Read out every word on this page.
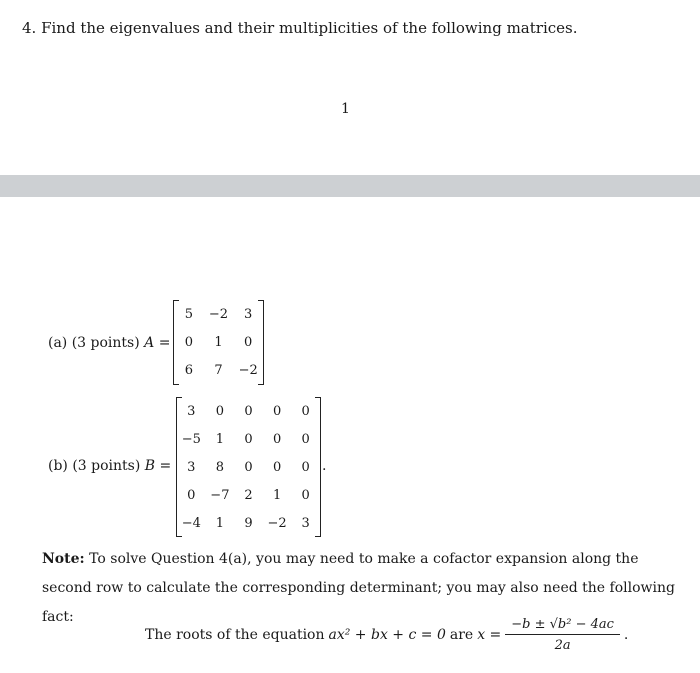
4. Find the eigenvalues and their multiplicities of the following matrices.
1
(a) (3 points) A =
5 −2 3
0 1 0
6 7 −2
(b) (3 points) B =
3 0 0 0 0
−5 1 0 0 0
3 8 0 0 0
0 −7 2 1 0
−4 1 9 −2 3
.
Note: To solve Question 4(a), you may need to make a cofactor expansion along the second row to calculate the corresponding determinant; you may also need the following fact:
The roots of the equation ax² + bx + c = 0 are $x = \frac{\text{−b ± √b² − 4ac}}{2a}$ .
